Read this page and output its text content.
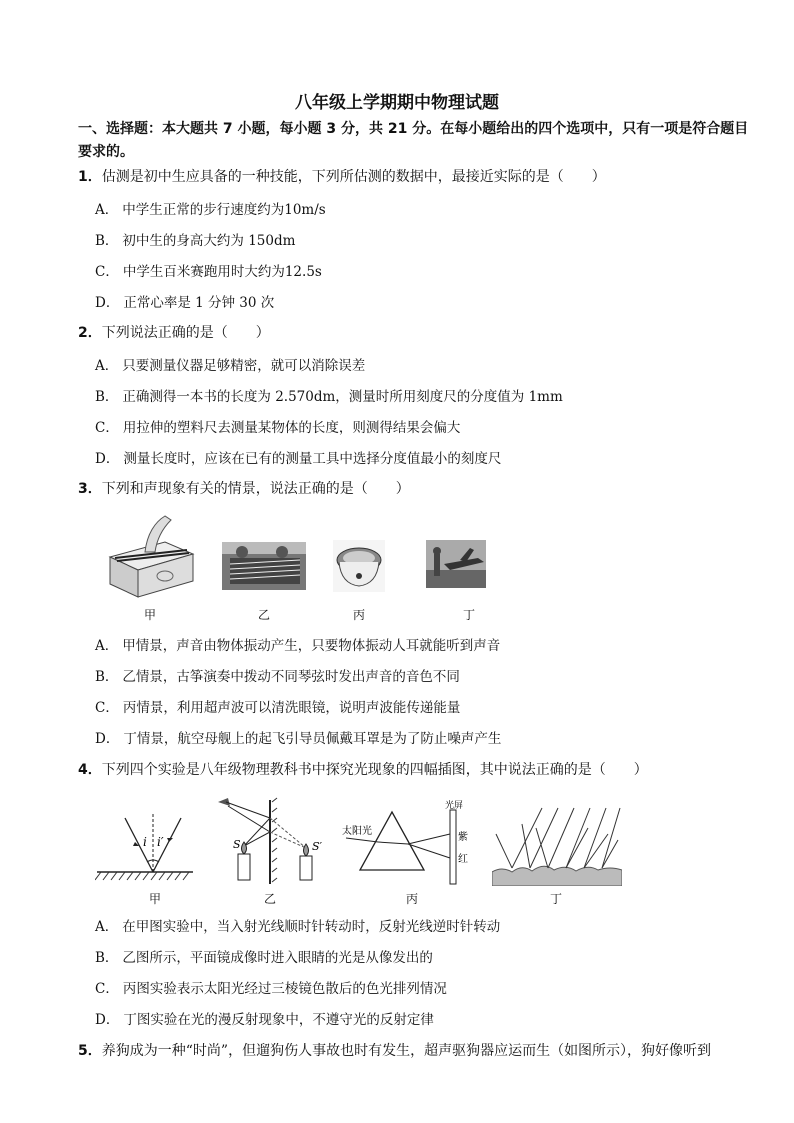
八年级上学期期中物理试题
一、选择题：本大题共 7 小题，每小题 3 分，共 21 分。在每小题给出的四个选项中，只有一项是符合题目要求的。
1．估测是初中生应具备的一种技能，下列所估测的数据中，最接近实际的是（　　）
A． 中学生正常的步行速度约为10m/s
B． 初中生的身高大约为 150dm
C． 中学生百米赛跑用时大约为12.5s
D． 正常心率是 1 分钟 30 次
2．下列说法正确的是（　　）
A． 只要测量仪器足够精密，就可以消除误差
B． 正确测得一本书的长度为 2.570dm，测量时所用刻度尺的分度值为 1mm
C． 用拉伸的塑料尺去测量某物体的长度，则测得结果会偏大
D． 测量长度时，应该在已有的测量工具中选择分度值最小的刻度尺
3．下列和声现象有关的情景，说法正确的是（　　）
甲	乙	丙	丁
A． 甲情景，声音由物体振动产生，只要物体振动人耳就能听到声音
B． 乙情景，古筝演奏中拨动不同琴弦时发出声音的音色不同
C． 丙情景，利用超声波可以清洗眼镜，说明声波能传递能量
D． 丁情景，航空母舰上的起飞引导员佩戴耳罩是为了防止噪声产生
4．下列四个实验是八年级物理教科书中探究光现象的四幅插图，其中说法正确的是（　　）
i i′	S	S′
太阳光
光屏
紫
红
甲	乙	丙	丁
A． 在甲图实验中，当入射光线顺时针转动时，反射光线逆时针转动
B． 乙图所示，平面镜成像时进入眼睛的光是从像发出的
C． 丙图实验表示太阳光经过三棱镜色散后的色光排列情况
D． 丁图实验在光的漫反射现象中，不遵守光的反射定律
5．养狗成为一种“时尚”，但遛狗伤人事故也时有发生，超声驱狗器应运而生（如图所示），狗好像听到
